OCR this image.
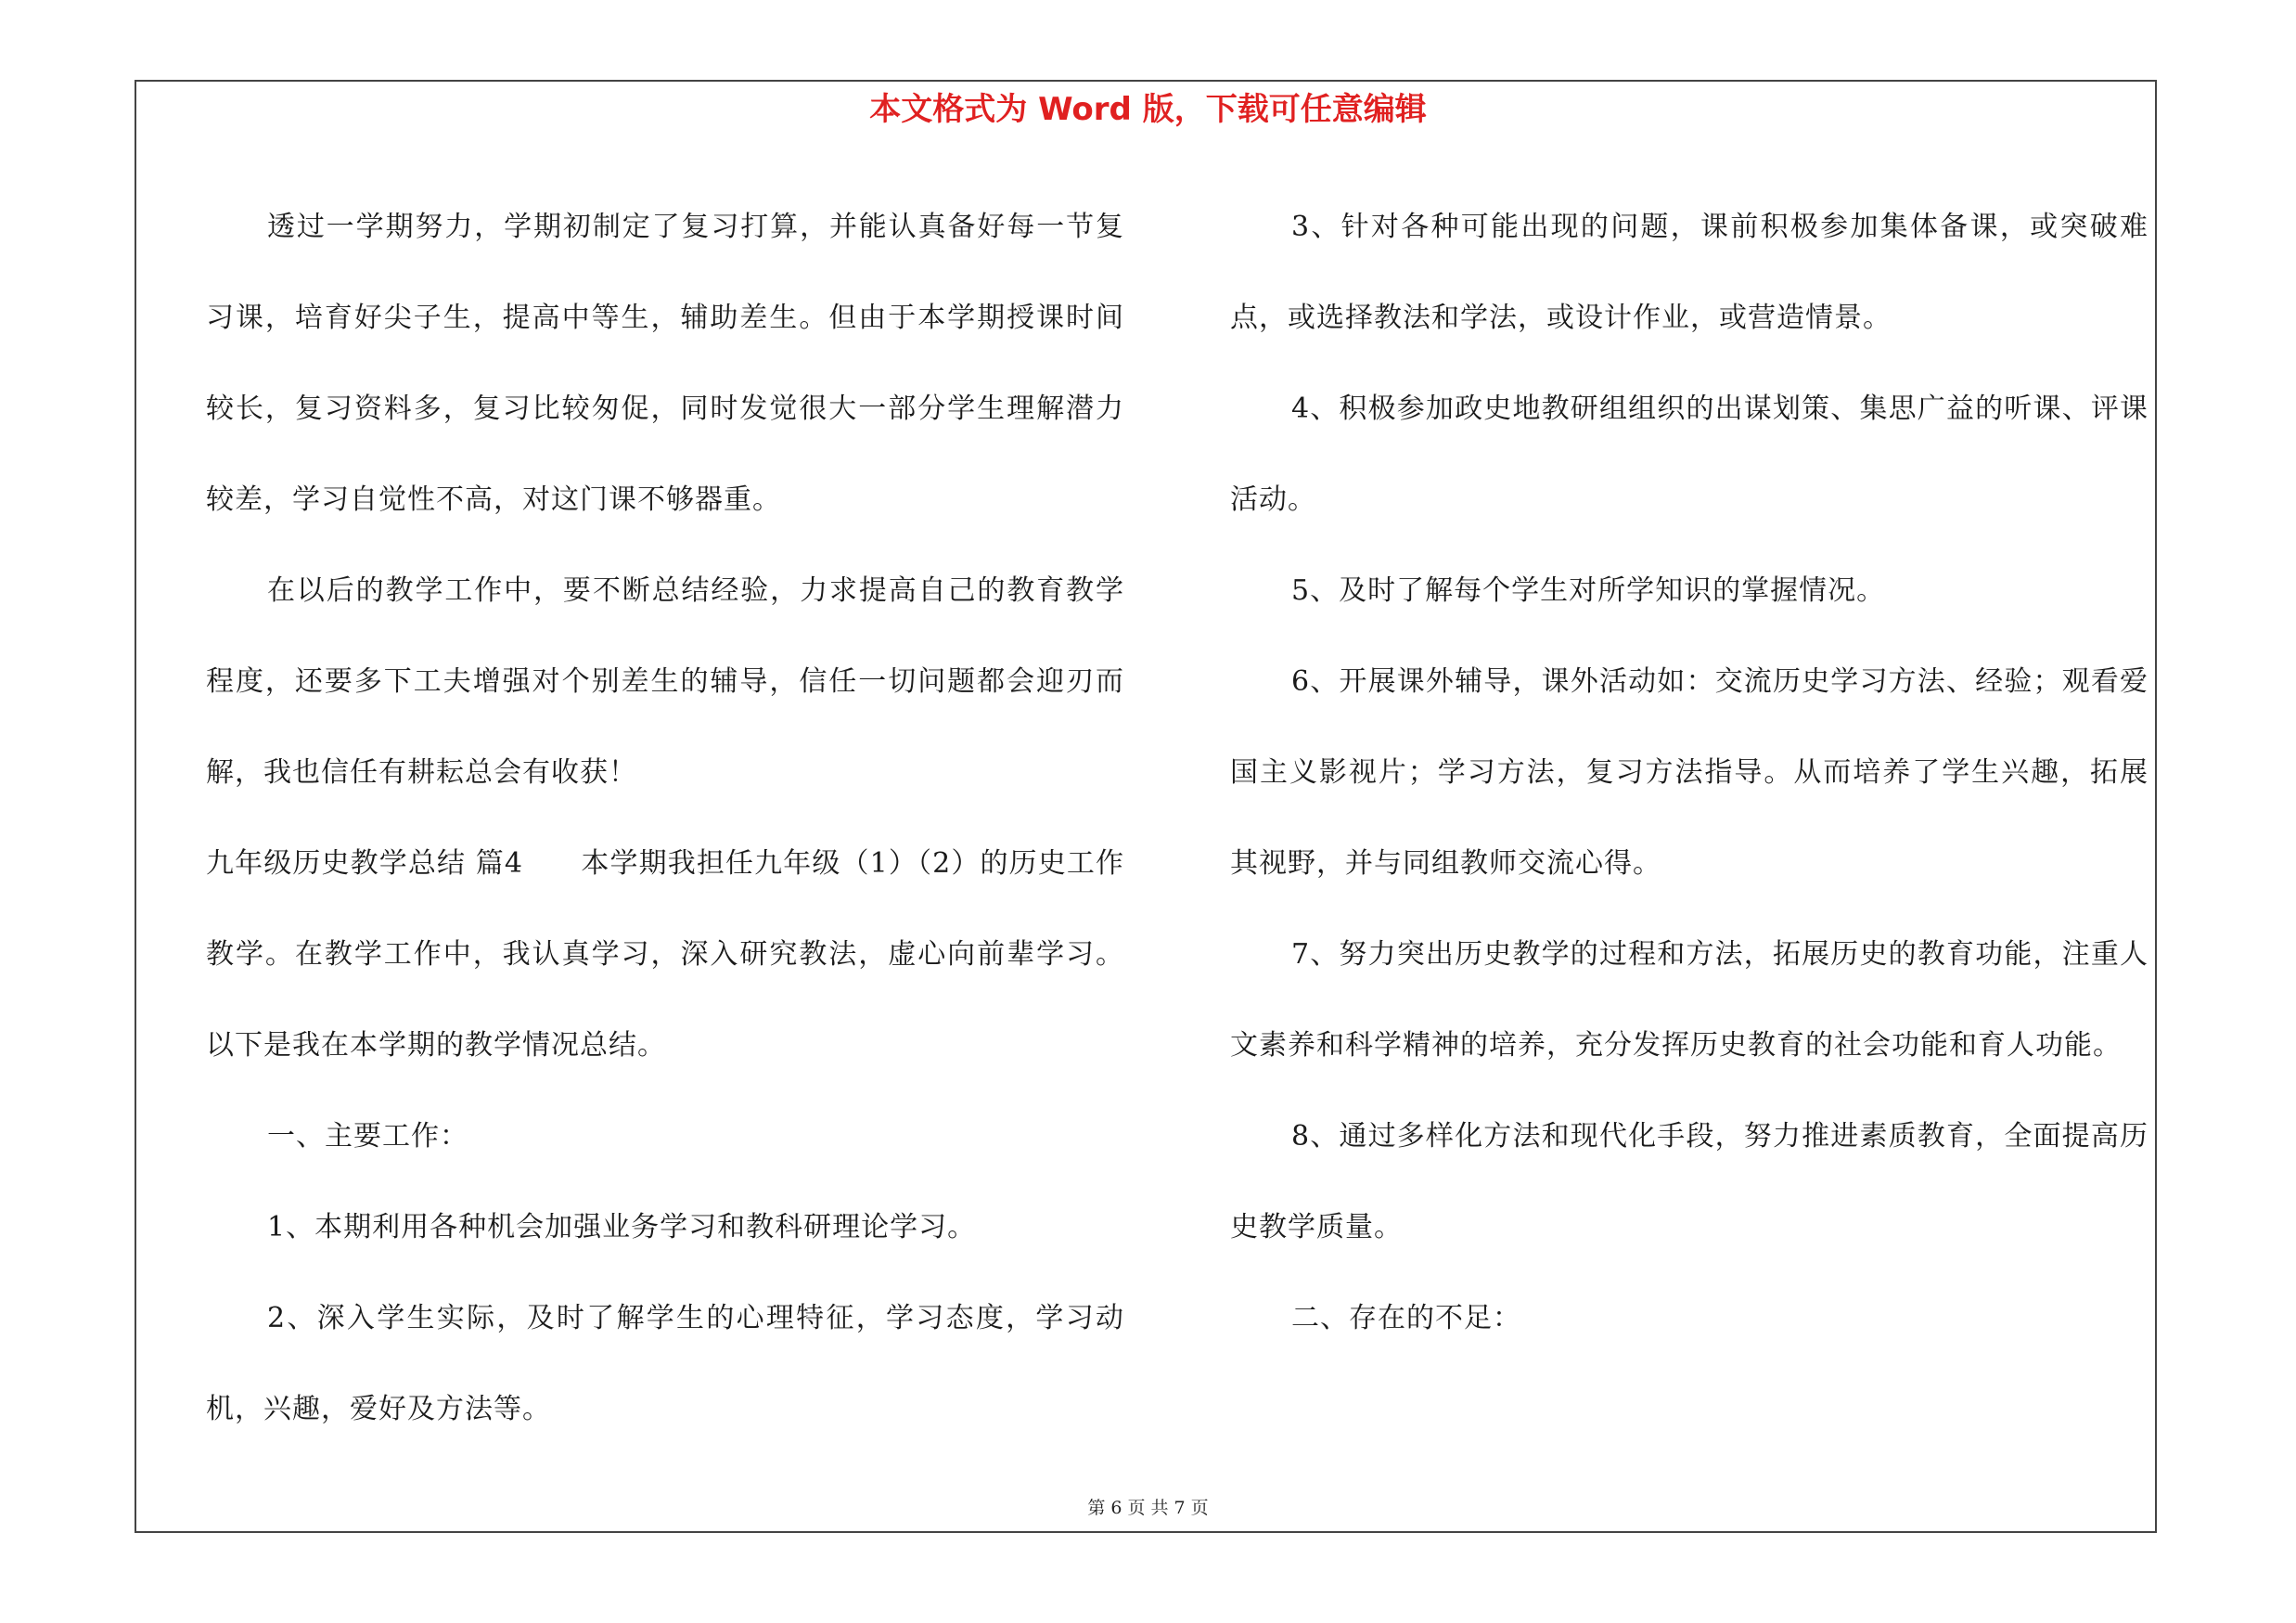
本文格式为 Word 版，下载可任意编辑

透过一学期努力，学期初制定了复习打算，并能认真备好每一节复习课，培育好尖子生，提高中等生，辅助差生。但由于本学期授课时间较长，复习资料多，复习比较匆促，同时发觉很大一部分学生理解潜力较差，学习自觉性不高，对这门课不够器重。

在以后的教学工作中，要不断总结经验，力求提高自己的教育教学程度，还要多下工夫增强对个别差生的辅导，信任一切问题都会迎刃而解，我也信任有耕耘总会有收获！

九年级历史教学总结 篇4　　本学期我担任九年级（1）（2）的历史工作教学。在教学工作中，我认真学习，深入研究教法，虚心向前辈学习。以下是我在本学期的教学情况总结。

一、主要工作：

1、本期利用各种机会加强业务学习和教科研理论学习。

2、深入学生实际，及时了解学生的心理特征，学习态度，学习动机，兴趣，爱好及方法等。

3、针对各种可能出现的问题，课前积极参加集体备课，或突破难点，或选择教法和学法，或设计作业，或营造情景。

4、积极参加政史地教研组组织的出谋划策、集思广益的听课、评课活动。

5、及时了解每个学生对所学知识的掌握情况。

6、开展课外辅导，课外活动如：交流历史学习方法、经验；观看爱国主义影视片；学习方法，复习方法指导。从而培养了学生兴趣，拓展其视野，并与同组教师交流心得。

7、努力突出历史教学的过程和方法，拓展历史的教育功能，注重人文素养和科学精神的培养，充分发挥历史教育的社会功能和育人功能。

8、通过多样化方法和现代化手段，努力推进素质教育，全面提高历史教学质量。

二、存在的不足：

第 6 页 共 7 页
